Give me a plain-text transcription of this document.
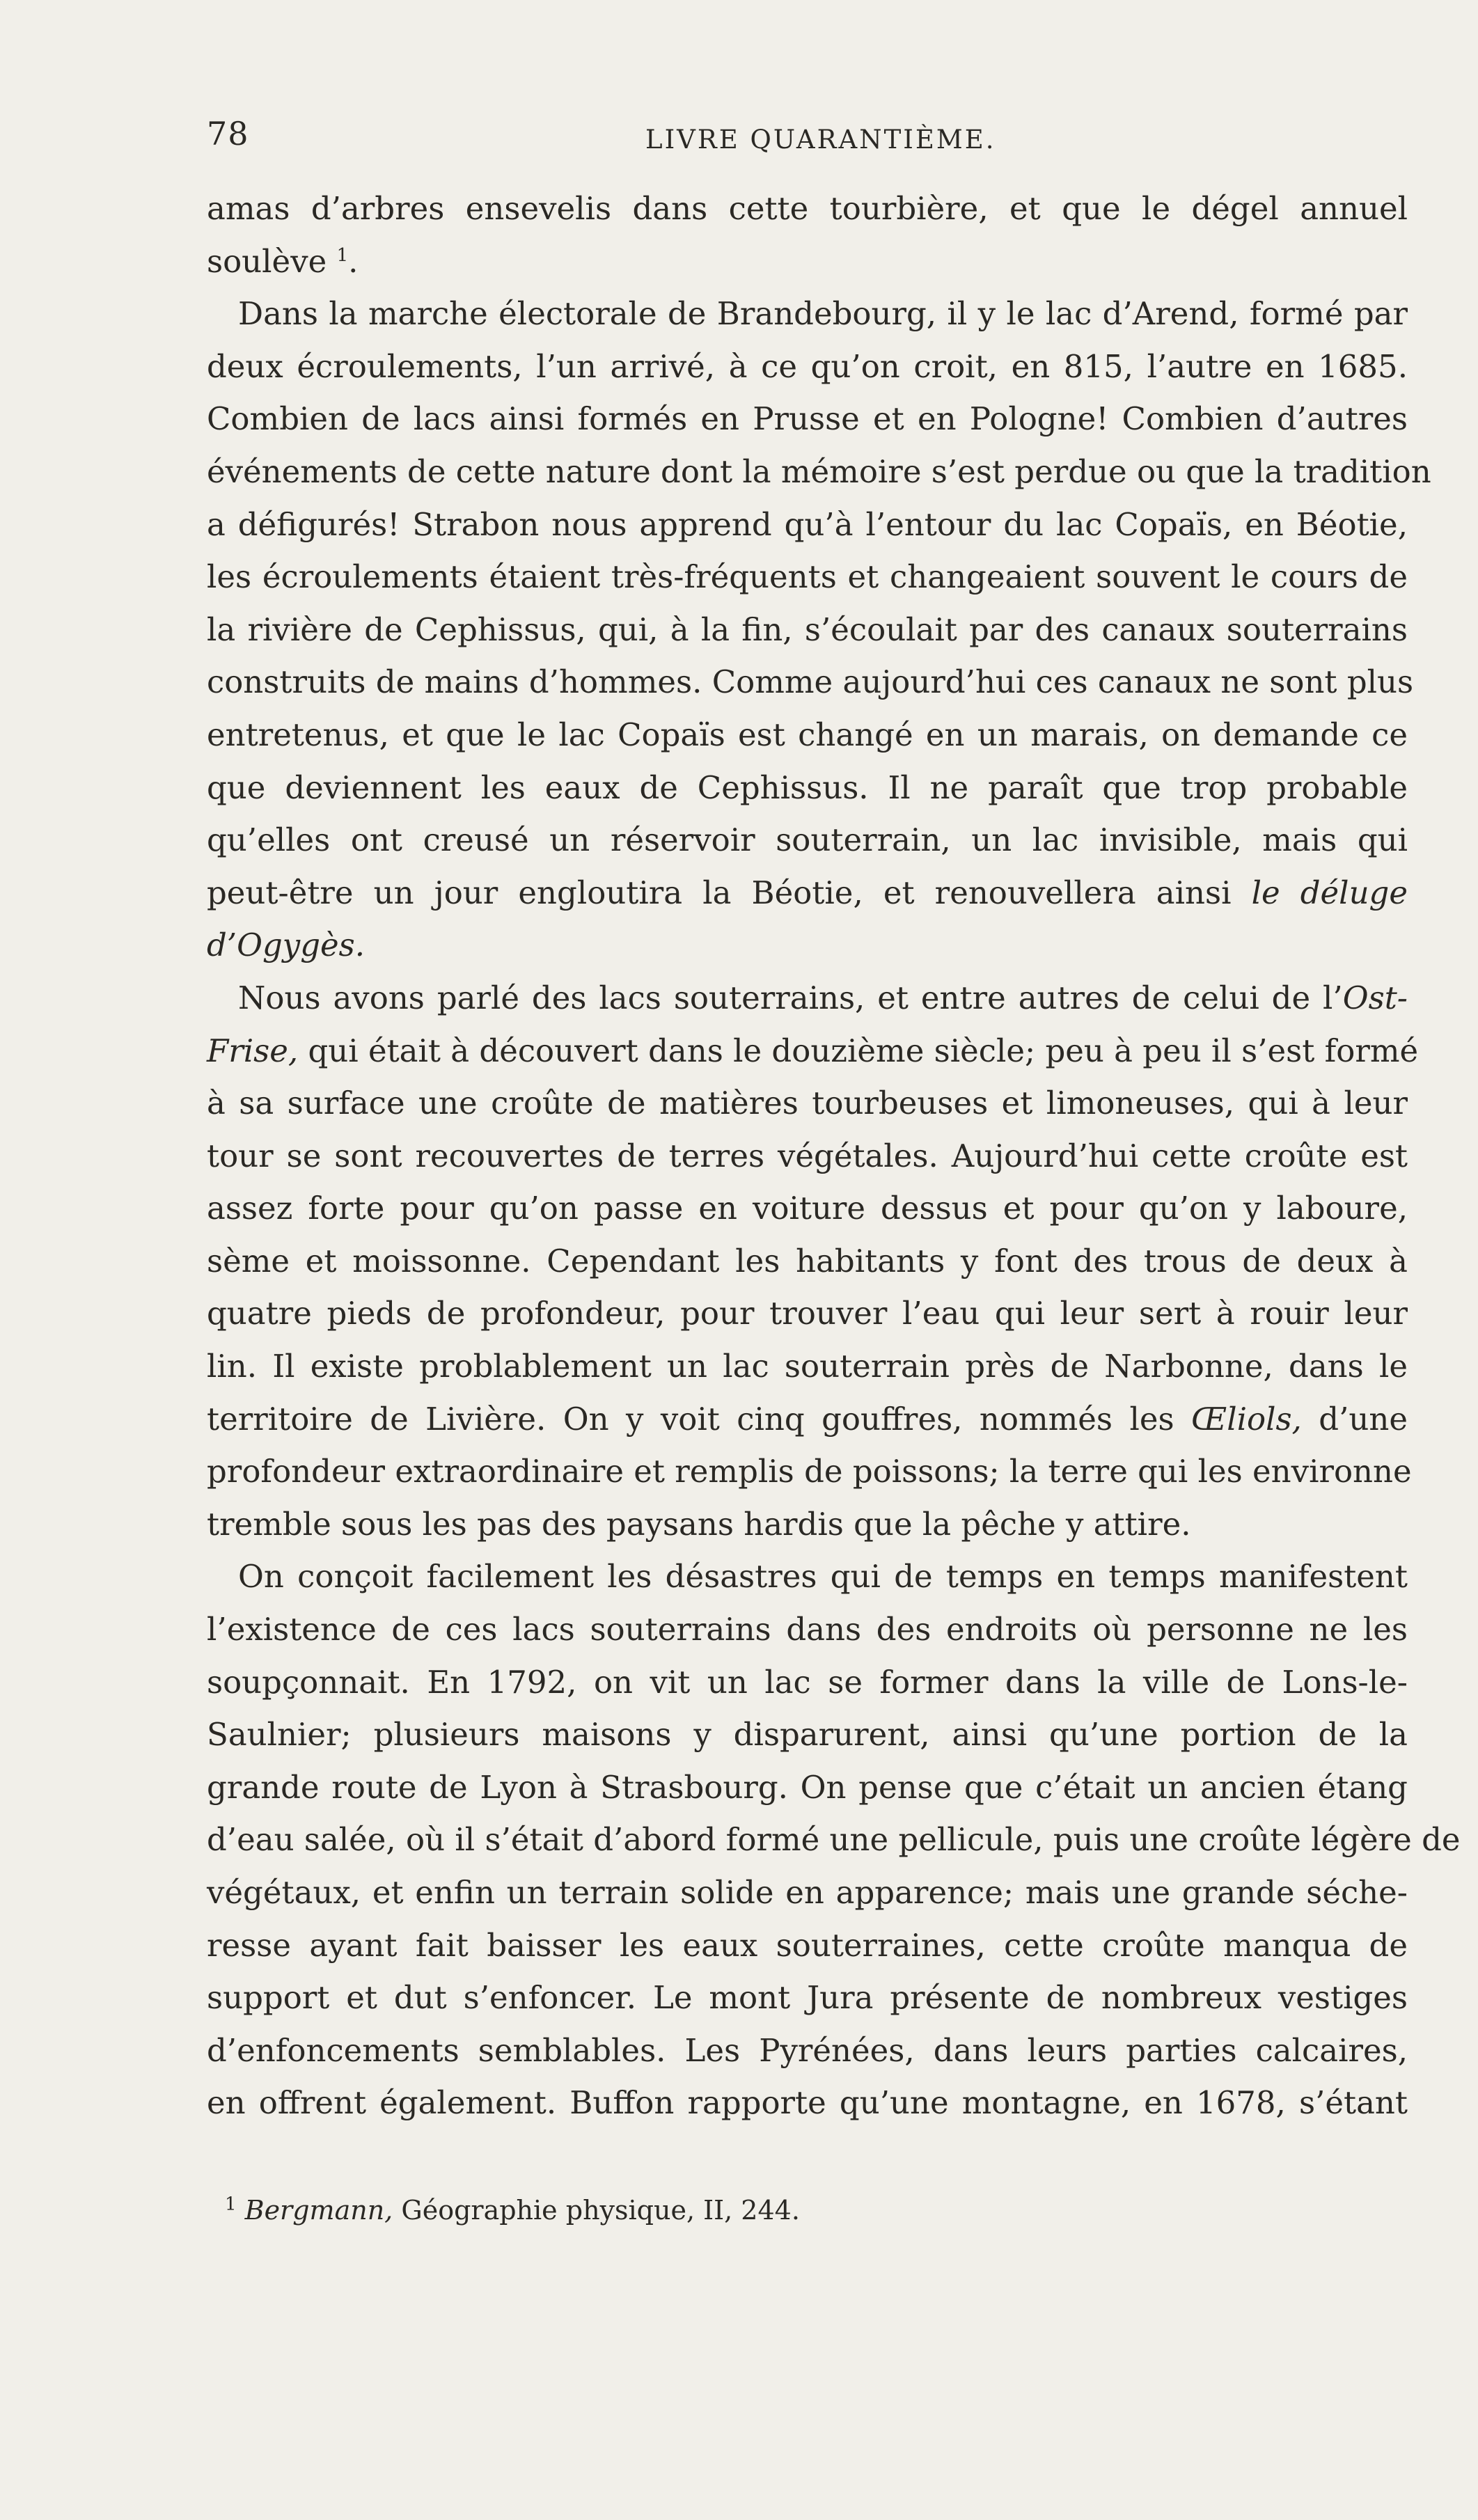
78	LIVRE QUARANTIÈME.
amas d’arbres ensevelis dans cette tourbière, et que le dégel annuel
soulève $^1$.
Dans la marche électorale de Brandebourg, il y le lac d’Arend, formé par
deux écroulements, l’un arrivé, à ce qu’on croit, en 815, l’autre en 1685.
Combien de lacs ainsi formés en Prusse et en Pologne! Combien d’autres
événements de cette nature dont la mémoire s’est perdue ou que la tradition
a défigurés! Strabon nous apprend qu’à l’entour du lac Copaïs, en Béotie,
les écroulements étaient très-fréquents et changeaient souvent le cours de
la rivière de Cephissus, qui, à la fin, s’écoulait par des canaux souterrains
construits de mains d’hommes. Comme aujourd’hui ces canaux ne sont plus
entretenus, et que le lac Copaïs est changé en un marais, on demande ce
que deviennent les eaux de Cephissus. Il ne paraît que trop probable
qu’elles ont creusé un réservoir souterrain, un lac invisible, mais qui
peut-être un jour engloutira la Béotie, et renouvellera ainsi le déluge
d’Ogygès.
Nous avons parlé des lacs souterrains, et entre autres de celui de l’Ost-
Frise, qui était à découvert dans le douzième siècle; peu à peu il s’est formé
à sa surface une croûte de matières tourbeuses et limoneuses, qui à leur
tour se sont recouvertes de terres végétales. Aujourd’hui cette croûte est
assez forte pour qu’on passe en voiture dessus et pour qu’on y laboure,
sème et moissonne. Cependant les habitants y font des trous de deux à
quatre pieds de profondeur, pour trouver l’eau qui leur sert à rouir leur
lin. Il existe problablement un lac souterrain près de Narbonne, dans le
territoire de Livière. On y voit cinq gouffres, nommés les Œliols, d’une
profondeur extraordinaire et remplis de poissons; la terre qui les environne
tremble sous les pas des paysans hardis que la pêche y attire.
On conçoit facilement les désastres qui de temps en temps manifestent
l’existence de ces lacs souterrains dans des endroits où personne ne les
soupçonnait. En 1792, on vit un lac se former dans la ville de Lons-le-
Saulnier; plusieurs maisons y disparurent, ainsi qu’une portion de la
grande route de Lyon à Strasbourg. On pense que c’était un ancien étang
d’eau salée, où il s’était d’abord formé une pellicule, puis une croûte légère de
végétaux, et enfin un terrain solide en apparence; mais une grande séche-
resse ayant fait baisser les eaux souterraines, cette croûte manqua de
support et dut s’enfoncer. Le mont Jura présente de nombreux vestiges
d’enfoncements semblables. Les Pyrénées, dans leurs parties calcaires,
en offrent également. Buffon rapporte qu’une montagne, en 1678, s’étant
$^1$ Bergmann, Géographie physique, II, 244.
